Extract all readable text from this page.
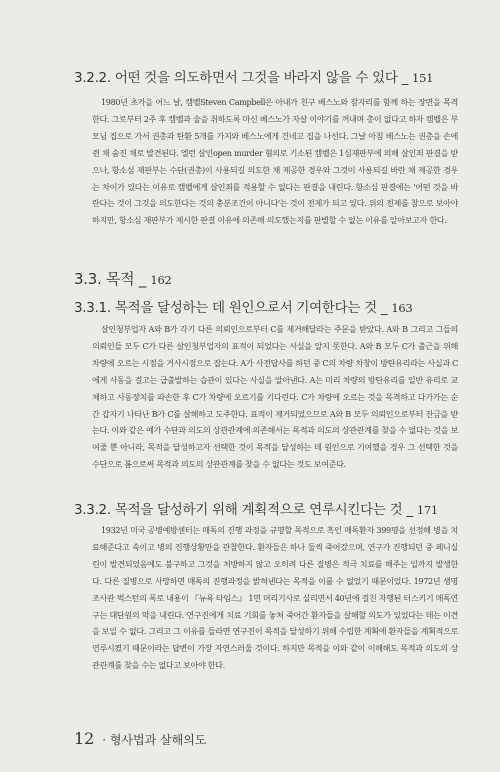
3.2.2. 어떤 것을 의도하면서 그것을 바라지 않을 수 있다 _ 151
1980년 초가을 어느 날, 캠벨Steven Campbell은 아내가 친구 베스노와 잠자리를 함께 하는 장면을 목격한다. 그로부터 2주 후 캠벨과 술을 취하도록 마신 베스노가 자살 이야기를 꺼내며 총이 없다고 하자 캠벨은 부모님 집으로 가서 권총과 탄환 5개를 가지와 베스노에게 건네고 집을 나선다. 그날 아침 베스노는 권총을 손에 쥔 채 숨진 채로 발견된다. 엘런 살인open murder 혐의로 기소된 캠벨은 1심재판부에 의해 살인죄 판결을 받으나, 항소심 재판부는 수단(권총)이 사용되길 의도한 채 제공한 경우와 그것이 사용되길 바란 채 제공한 경우는 차이가 있다는 이유로 캠벨에게 살인죄를 적용할 수 없다는 판결을 내린다. 항소심 판결에는 '어떤 것을 바란다는 것이 그것을 의도한다는 것의 충분조건이 아니다'는 것이 전제가 되고 있다. 위의 전제를 참으로 보아야 하지만, 항소심 재판부가 제시한 판결 이유에 의존해 의도했는지를 판별할 수 없는 이유를 알아보고자 한다.
3.3. 목적 _ 162
3.3.1. 목적을 달성하는 데 원인으로서 기여한다는 것 _ 163
살인청부업자 A와 B가 각기 다른 의뢰인으로부터 C를 제거해달라는 주문을 받았다. A와 B 그리고 그들의 의뢰인들 모두 C가 다른 살인청부업자의 표적이 되었다는 사실을 알지 못한다. A와 B 모두 C가 출근을 위해 차량에 오르는 시점을 거사시점으로 잡는다. A가 사전답사를 하던 중 C의 차량 차창이 방탄유리라는 사실과 C에게 사동을 걸고는 급출발하는 습관이 있다는 사실을 알아낸다. A는 미리 차량의 방탄유리를 일반 유리로 교체하고 사동장치를 파손한 후 C가 차량에 오르기를 기다린다. C가 차량에 오르는 것을 목격하고 다가가는 순간 갑자기 나타난 B가 C를 살해하고 도주한다. 표적이 제거되었으므로 A와 B 모두 의뢰인으로부터 잔금을 받는다. 이와 같은 예가 수단과 의도의 상관관계에 의존해서는 목적과 의도의 상관관계를 찾을 수 없다는 것을 보여줄 뿐 아니라, 목적을 달성하고자 선택한 것이 목적을 달성하는 데 원인으로 기여했을 경우 그 선택한 것을 수단으로 봄으로써 목적과 의도의 상관관계를 찾을 수 없다는 것도 보여준다.
3.3.2. 목적을 달성하기 위해 계획적으로 연루시킨다는 것 _ 171
1932년 미국 공병예방센터는 매독의 진행 과정을 규명할 목적으로 흑인 매독환자 399명을 선정해 병을 치료해준다고 속이고 병의 진행상황만을 관찰한다. 환자들은 하나 둘씩 죽어갔으며, 연구가 진행되던 중 페니실린이 발견되었음에도 불구하고 그것을 처방하지 않고 오히려 다른 질병은 적극 치료를 해주는 일까지 발생한다. 다른 질병으로 사망하면 매독의 진행과정을 밝혀낸다는 목적을 이룰 수 없었기 때문이었다. 1972년 생명조사관 벅스턴의 폭로 내용이 『뉴욕 타임스』 1면 머리기사로 실리면서 40년에 걸친 자행된 터스키기 매독연구는 대단원의 막을 내린다. 연구진에게 치료 기회를 놓쳐 죽어간 환자들을 살해할 의도가 있었다는 데는 이견을 보일 수 없다. 그리고 그 이유를 들라면 연구진이 목적을 달성하기 위해 수립한 계획에 환자들을 계획적으로 연루시켰기 때문이라는 답변이 가장 자연스러울 것이다. 하지만 목적을 이와 같이 이해해도 목적과 의도의 상관관계를 찾을 수는 없다고 보아야 한다.
12 · 형사법과 살해의도
